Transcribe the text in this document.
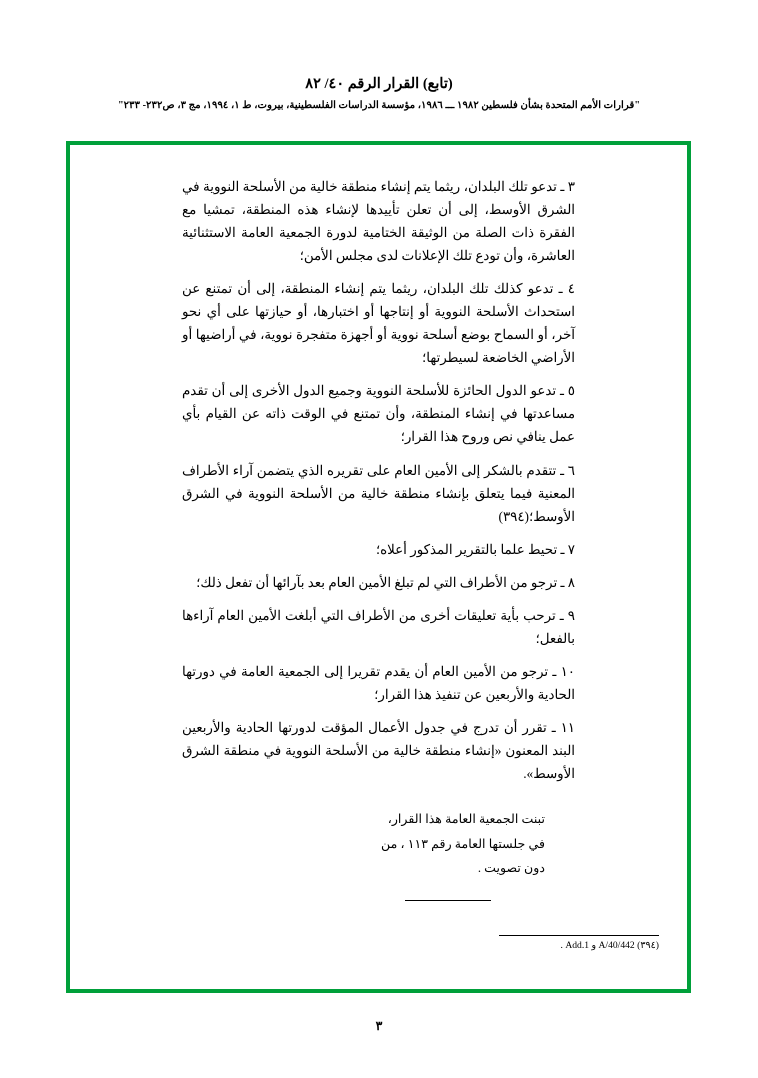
(تابع) القرار الرقم ٤٠/ ٨٢
"قرارات الأمم المتحدة بشأن فلسطين ١٩٨٢ ـــ ١٩٨٦، مؤسسة الدراسات الفلسطينية، بيروت، ط ١، ١٩٩٤، مج ٣، ص٢٣٢- ٢٣٣"

٣ ـ تدعو تلك البلدان، ريثما يتم إنشاء منطقة خالية من الأسلحة النووية في الشرق الأوسط، إلى أن تعلن تأييدها لإنشاء هذه المنطقة، تمشيا مع الفقرة ذات الصلة من الوثيقة الختامية لدورة الجمعية العامة الاستثنائية العاشرة، وأن تودع تلك الإعلانات لدى مجلس الأمن؛

٤ ـ تدعو كذلك تلك البلدان، ريثما يتم إنشاء المنطقة، إلى أن تمتنع عن استحداث الأسلحة النووية أو إنتاجها أو اختبارها، أو حيازتها على أي نحو آخر، أو السماح بوضع أسلحة نووية أو أجهزة متفجرة نووية، في أراضيها أو الأراضي الخاضعة لسيطرتها؛

٥ ـ تدعو الدول الحائزة للأسلحة النووية وجميع الدول الأخرى إلى أن تقدم مساعدتها في إنشاء المنطقة، وأن تمتنع في الوقت ذاته عن القيام بأي عمل ينافي نص وروح هذا القرار؛

٦ ـ تتقدم بالشكر إلى الأمين العام على تقريره الذي يتضمن آراء الأطراف المعنية فيما يتعلق بإنشاء منطقة خالية من الأسلحة النووية في الشرق الأوسط؛(٣٩٤)

٧ ـ تحيط علما بالتقرير المذكور أعلاه؛

٨ ـ ترجو من الأطراف التي لم تبلغ الأمين العام بعد بآرائها أن تفعل ذلك؛

٩ ـ ترحب بأية تعليقات أخرى من الأطراف التي أبلغت الأمين العام آراءها بالفعل؛

١٠ ـ ترجو من الأمين العام أن يقدم تقريرا إلى الجمعية العامة في دورتها الحادية والأربعين عن تنفيذ هذا القرار؛

١١ ـ تقرر أن تدرج في جدول الأعمال المؤقت لدورتها الحادية والأربعين البند المعنون «إنشاء منطقة خالية من الأسلحة النووية في منطقة الشرق الأوسط».

تبنت الجمعية العامة هذا القرار،
في جلستها العامة رقم ١١٣ ، من
دون تصويت .
(٣٩٤) A/40/442 و Add.1 .
٣
